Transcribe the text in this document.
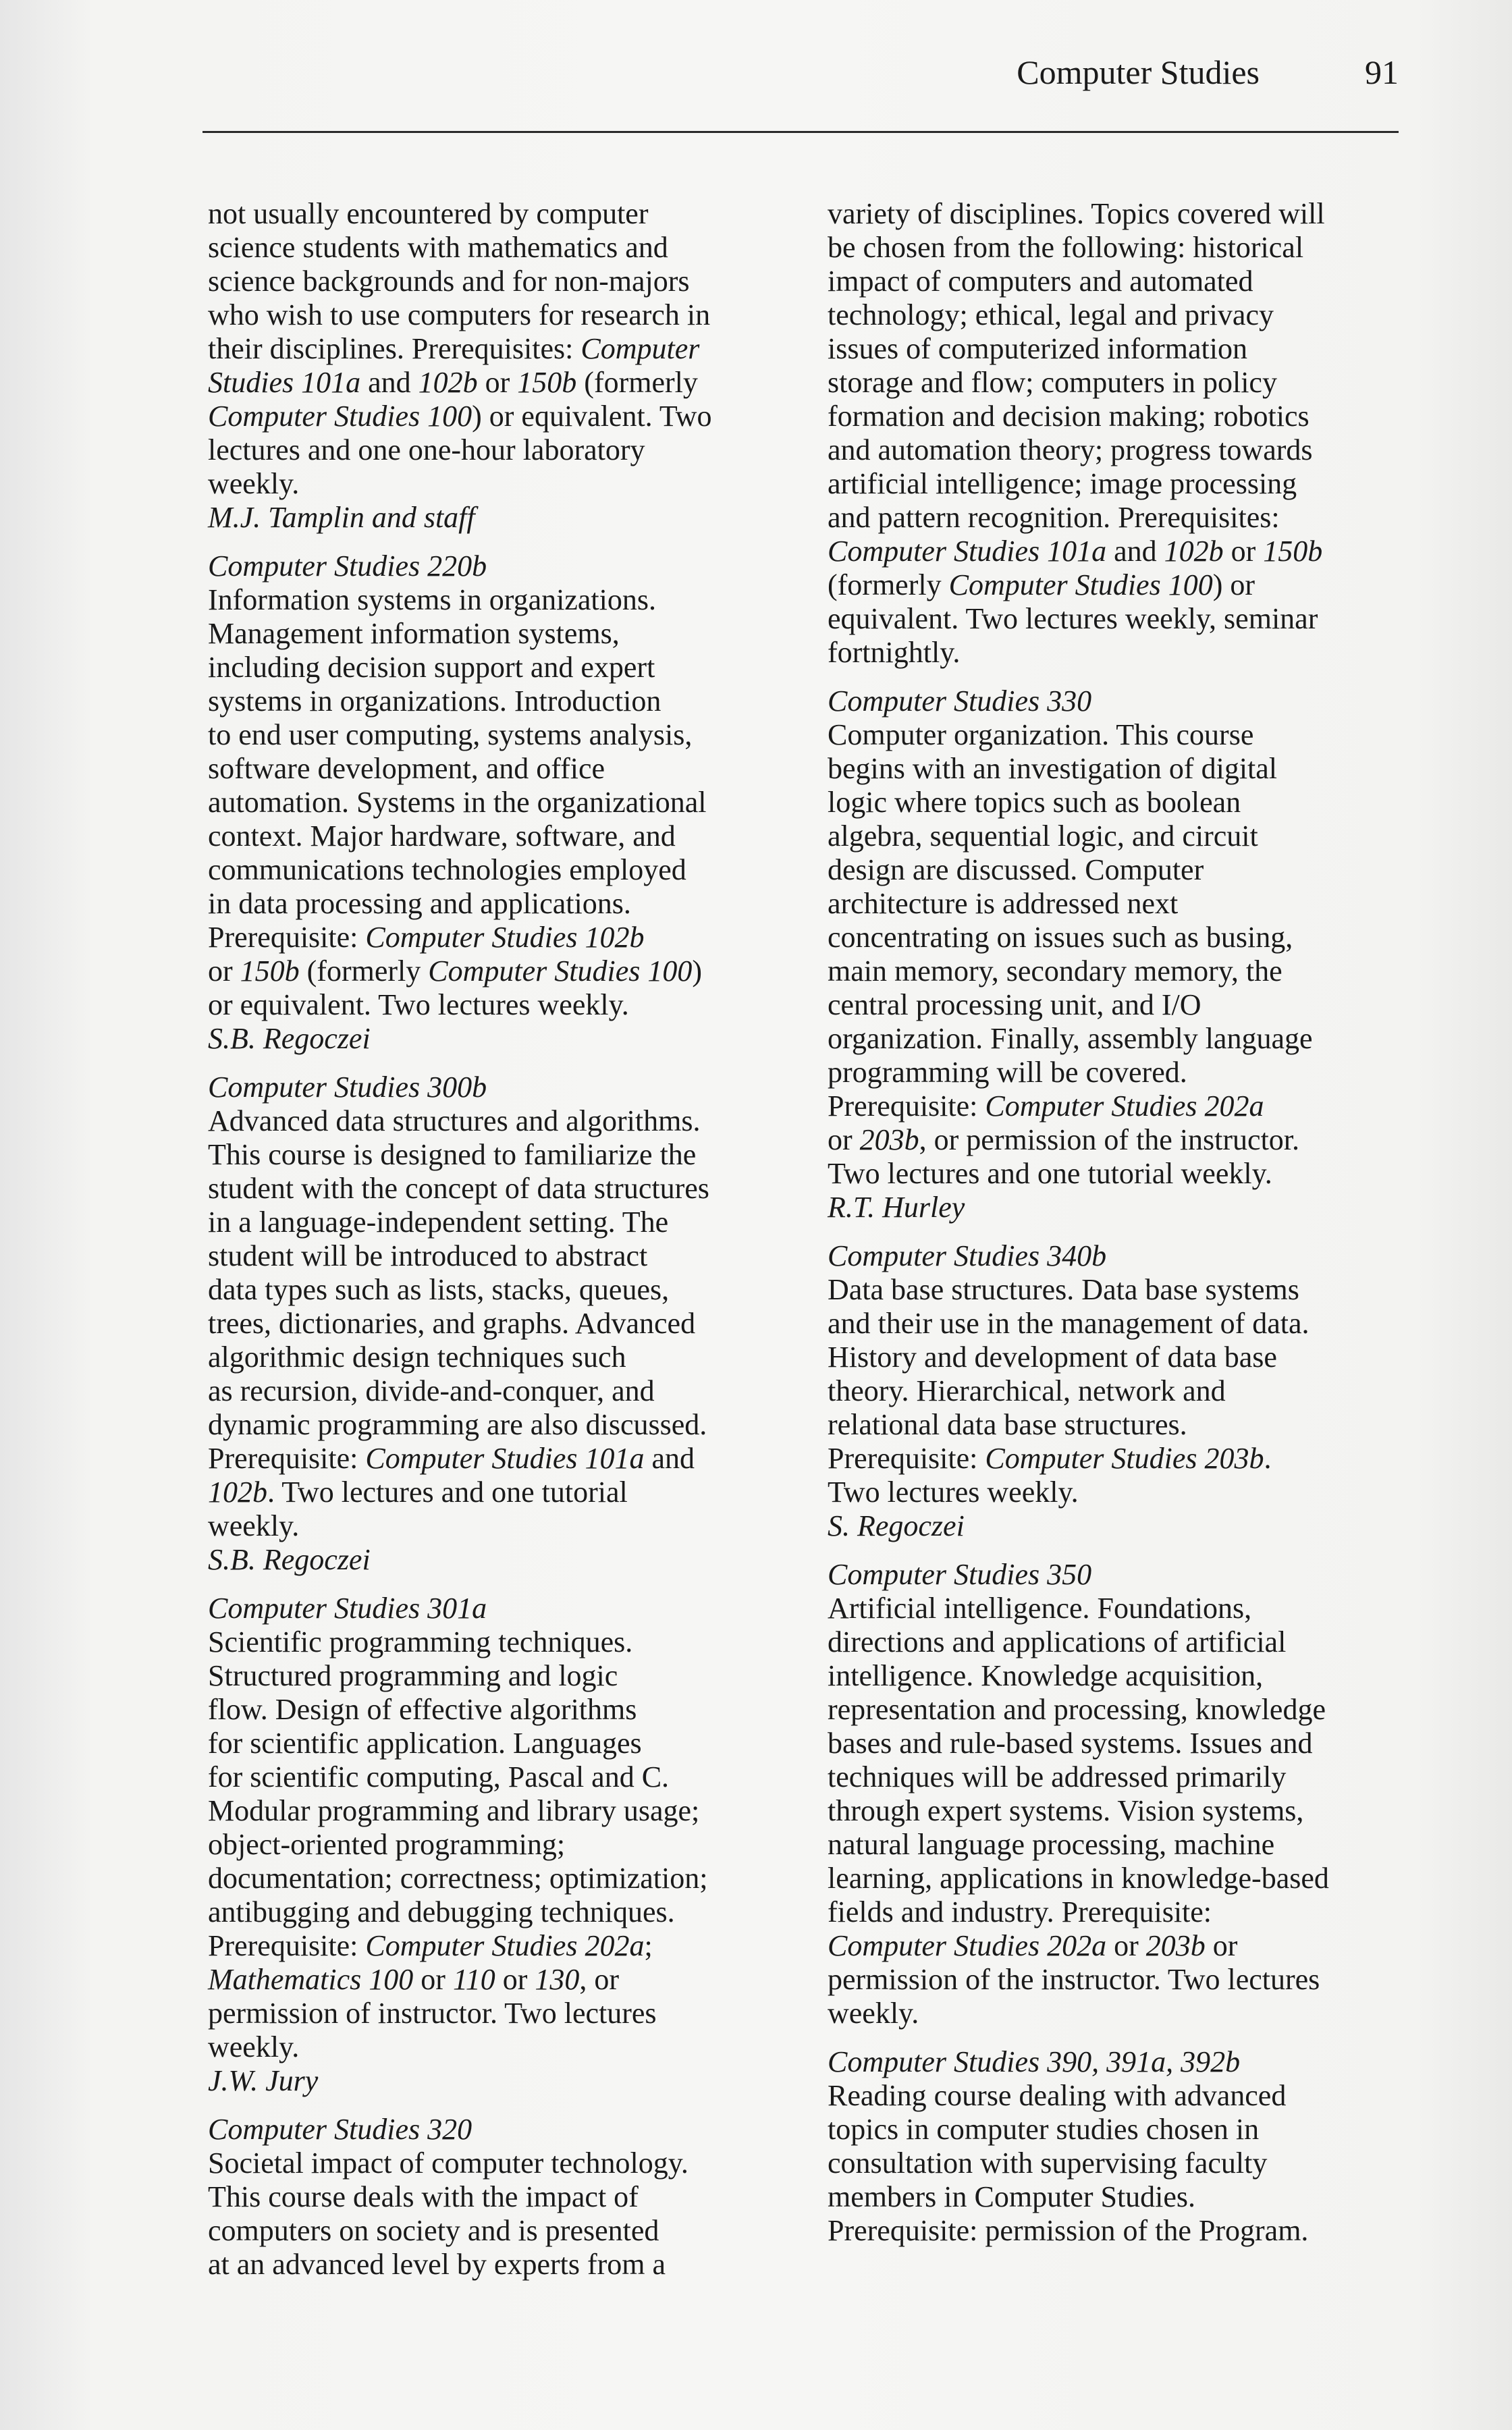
Computer Studies	91
not usually encountered by computer
science students with mathematics and
science backgrounds and for non-majors
who wish to use computers for research in
their disciplines. Prerequisites: Computer
Studies 101a and 102b or 150b (formerly
Computer Studies 100) or equivalent. Two
lectures and one one-hour laboratory
weekly.
M.J. Tamplin and staff
Computer Studies 220b
Information systems in organizations.
Management information systems,
including decision support and expert
systems in organizations. Introduction
to end user computing, systems analysis,
software development, and office
automation. Systems in the organizational
context. Major hardware, software, and
communications technologies employed
in data processing and applications.
Prerequisite: Computer Studies 102b
or 150b (formerly Computer Studies 100)
or equivalent. Two lectures weekly.
S.B. Regoczei
Computer Studies 300b
Advanced data structures and algorithms.
This course is designed to familiarize the
student with the concept of data structures
in a language-independent setting. The
student will be introduced to abstract
data types such as lists, stacks, queues,
trees, dictionaries, and graphs. Advanced
algorithmic design techniques such
as recursion, divide-and-conquer, and
dynamic programming are also discussed.
Prerequisite: Computer Studies 101a and
102b. Two lectures and one tutorial
weekly.
S.B. Regoczei
Computer Studies 301a
Scientific programming techniques.
Structured programming and logic
flow. Design of effective algorithms
for scientific application. Languages
for scientific computing, Pascal and C.
Modular programming and library usage;
object-oriented programming;
documentation; correctness; optimization;
antibugging and debugging techniques.
Prerequisite: Computer Studies 202a;
Mathematics 100 or 110 or 130, or
permission of instructor. Two lectures
weekly.
J.W. Jury
Computer Studies 320
Societal impact of computer technology.
This course deals with the impact of
computers on society and is presented
at an advanced level by experts from a
variety of disciplines. Topics covered will
be chosen from the following: historical
impact of computers and automated
technology; ethical, legal and privacy
issues of computerized information
storage and flow; computers in policy
formation and decision making; robotics
and automation theory; progress towards
artificial intelligence; image processing
and pattern recognition. Prerequisites:
Computer Studies 101a and 102b or 150b
(formerly Computer Studies 100) or
equivalent. Two lectures weekly, seminar
fortnightly.
Computer Studies 330
Computer organization. This course
begins with an investigation of digital
logic where topics such as boolean
algebra, sequential logic, and circuit
design are discussed. Computer
architecture is addressed next
concentrating on issues such as busing,
main memory, secondary memory, the
central processing unit, and I/O
organization. Finally, assembly language
programming will be covered.
Prerequisite: Computer Studies 202a
or 203b, or permission of the instructor.
Two lectures and one tutorial weekly.
R.T. Hurley
Computer Studies 340b
Data base structures. Data base systems
and their use in the management of data.
History and development of data base
theory. Hierarchical, network and
relational data base structures.
Prerequisite: Computer Studies 203b.
Two lectures weekly.
S. Regoczei
Computer Studies 350
Artificial intelligence. Foundations,
directions and applications of artificial
intelligence. Knowledge acquisition,
representation and processing, knowledge
bases and rule-based systems. Issues and
techniques will be addressed primarily
through expert systems. Vision systems,
natural language processing, machine
learning, applications in knowledge-based
fields and industry. Prerequisite:
Computer Studies 202a or 203b or
permission of the instructor. Two lectures
weekly.
Computer Studies 390, 391a, 392b
Reading course dealing with advanced
topics in computer studies chosen in
consultation with supervising faculty
members in Computer Studies.
Prerequisite: permission of the Program.
